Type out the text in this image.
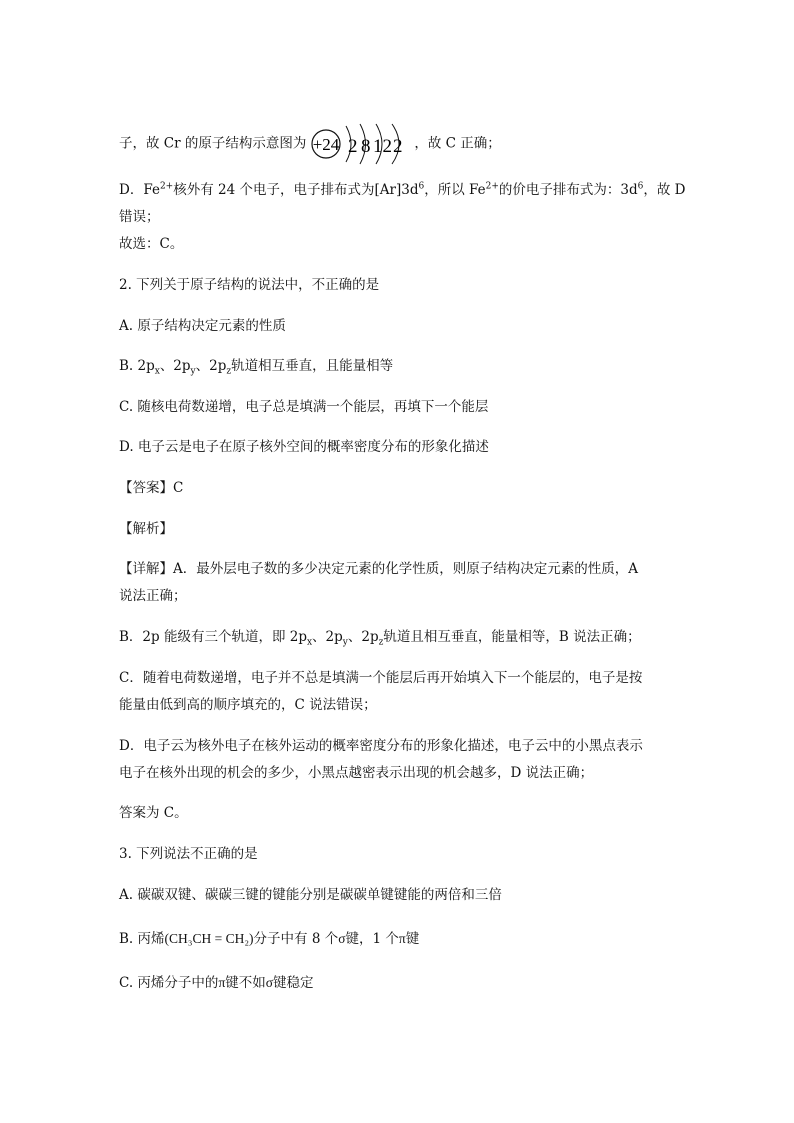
子，故 Cr 的原子结构示意图为 +24 2 8 12 2 ，故 C 正确；
D．$Fe^{2+}$核外有 24 个电子，电子排布式为$[Ar]3d^6$，所以 $Fe^{2+}$的价电子排布式为：$3d^6$，故 D
错误；
故选：C。
2. 下列关于原子结构的说法中，不正确的是
A. 原子结构决定元素的性质
B. $2p_x$、$2p_y$、$2p_z$轨道相互垂直，且能量相等
C. 随核电荷数递增，电子总是填满一个能层，再填下一个能层
D. 电子云是电子在原子核外空间的概率密度分布的形象化描述
【答案】C
【解析】
【详解】A．最外层电子数的多少决定元素的化学性质，则原子结构决定元素的性质，A
说法正确；
B．2p 能级有三个轨道，即 $2p_x$、$2p_y$、$2p_z$轨道且相互垂直，能量相等，B 说法正确；
C．随着电荷数递增，电子并不总是填满一个能层后再开始填入下一个能层的，电子是按
能量由低到高的顺序填充的，C 说法错误；
D．电子云为核外电子在核外运动的概率密度分布的形象化描述，电子云中的小黑点表示
电子在核外出现的机会的多少，小黑点越密表示出现的机会越多，D 说法正确；
答案为 C。
3. 下列说法不正确的是
A. 碳碳双键、碳碳三键的键能分别是碳碳单键键能的两倍和三倍
B. 丙烯(CH₃CH = CH₂)分子中有 8 个σ键，1 个π键
C. 丙烯分子中的π键不如σ键稳定
